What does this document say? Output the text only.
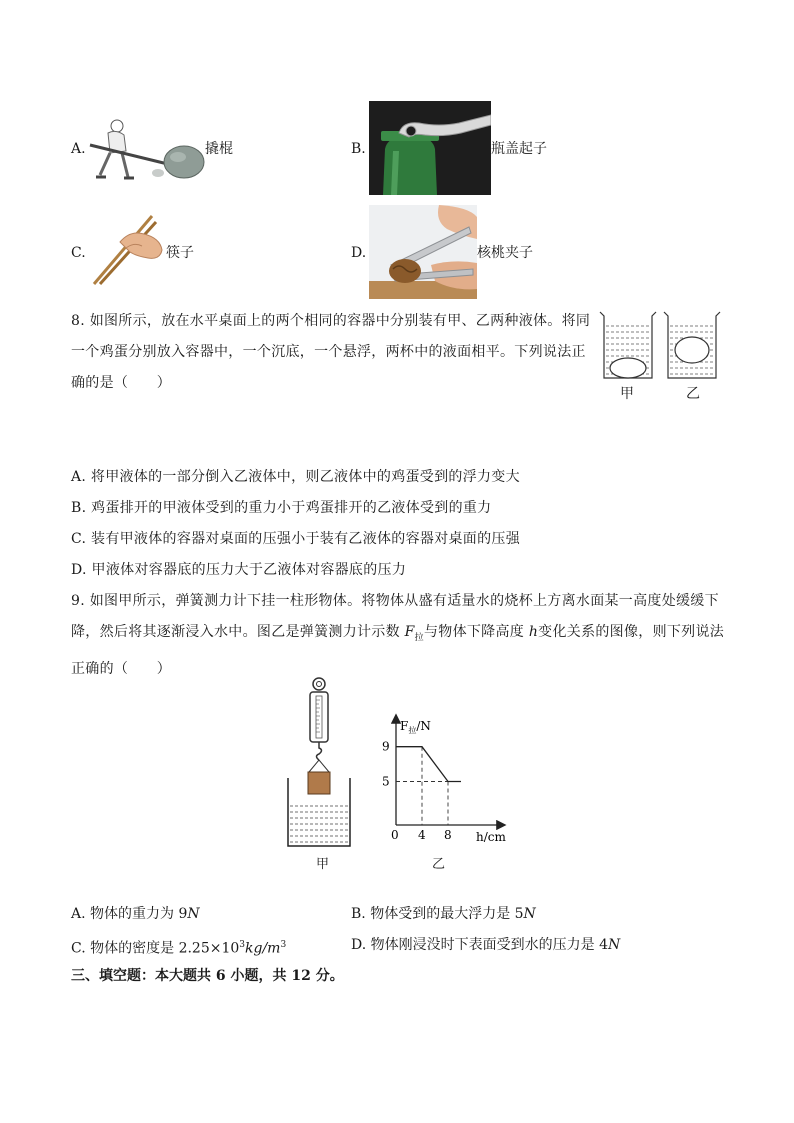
A.	撬棍	B.	瓶盖起子
C.	筷子	D.	核桃夹子
8. 如图所示，放在水平桌面上的两个相同的容器中分别装有甲、乙两种液体。将同
一个鸡蛋分别放入容器中，一个沉底，一个悬浮，两杯中的液面相平。下列说法正
确的是（　　）
甲	乙
A. 将甲液体的一部分倒入乙液体中，则乙液体中的鸡蛋受到的浮力变大
B. 鸡蛋排开的甲液体受到的重力小于鸡蛋排开的乙液体受到的重力
C. 装有甲液体的容器对桌面的压强小于装有乙液体的容器对桌面的压强
D. 甲液体对容器底的压力大于乙液体对容器底的压力
9. 如图甲所示，弹簧测力计下挂一柱形物体。将物体从盛有适量水的烧杯上方离水面某一高度处缓缓下
降，然后将其逐渐浸入水中。图乙是弹簧测力计示数 $F_拉$与物体下降高度 h变化关系的图像，则下列说法
正确的（　　）
甲
$F_拉/N$
h/cm
9
5
0 4 8
乙
A. 物体的重力为 9N	B. 物体受到的最大浮力是 5N
C. 物体的密度是 $2.25\times 10^3kg/m^3$	D. 物体刚浸没时下表面受到水的压力是 4N
三、填空题：本大题共 6 小题，共 12 分。
